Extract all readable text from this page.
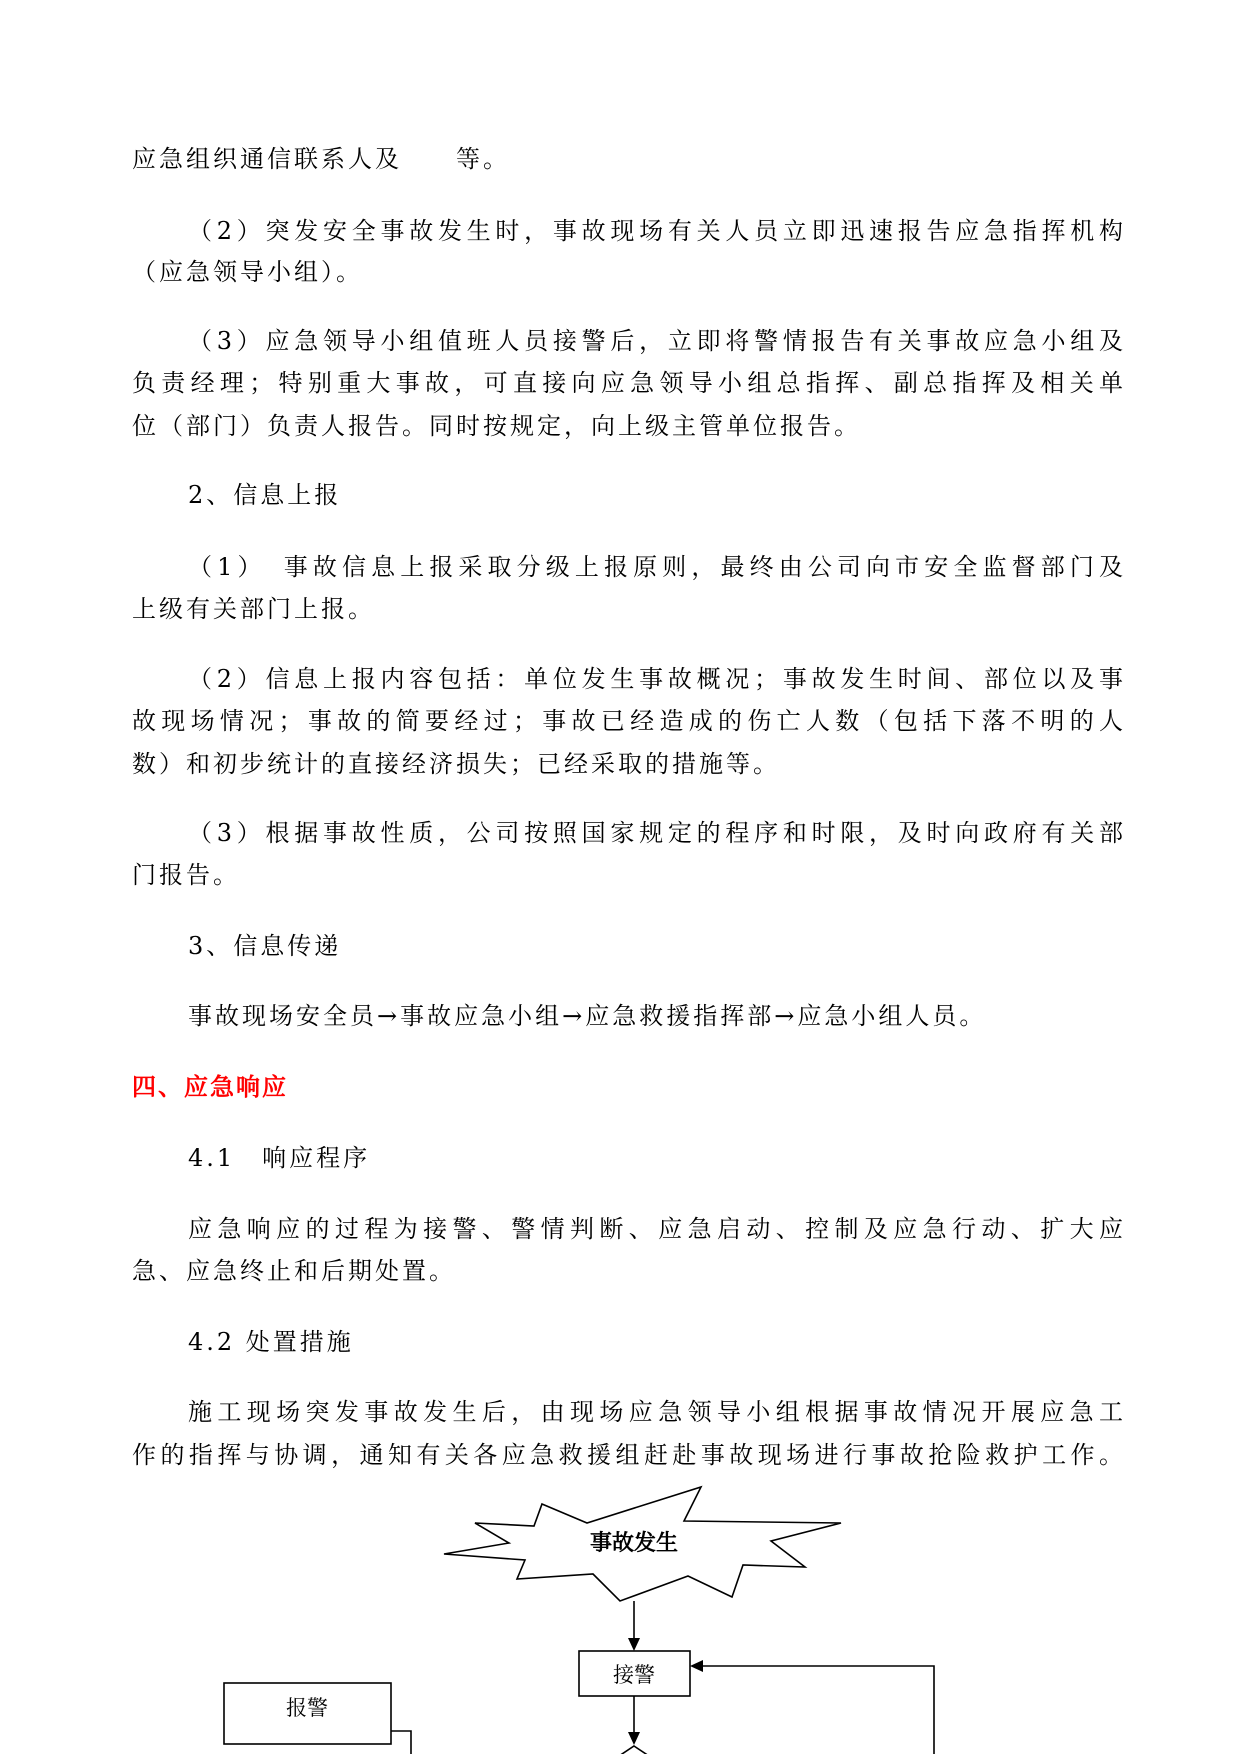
应急组织通信联系人及　　等。
（2）突发安全事故发生时，事故现场有关人员立即迅速报告应急指挥机构
（应急领导小组）。
（3）应急领导小组值班人员接警后，立即将警情报告有关事故应急小组及
负责经理；特别重大事故，可直接向应急领导小组总指挥、副总指挥及相关单
位（部门）负责人报告。同时按规定，向上级主管单位报告。
2、信息上报
（1）　事故信息上报采取分级上报原则，最终由公司向市安全监督部门及
上级有关部门上报。
（2）信息上报内容包括：单位发生事故概况；事故发生时间、部位以及事
故现场情况；事故的简要经过；事故已经造成的伤亡人数（包括下落不明的人
数）和初步统计的直接经济损失；已经采取的措施等。
（3）根据事故性质，公司按照国家规定的程序和时限，及时向政府有关部
门报告。
3、信息传递
事故现场安全员→事故应急小组→应急救援指挥部→应急小组人员。
四、应急响应
4.1　响应程序
应急响应的过程为接警、警情判断、应急启动、控制及应急行动、扩大应
急、应急终止和后期处置。
4.2 处置措施
施工现场突发事故发生后，由现场应急领导小组根据事故情况开展应急工
作的指挥与协调，通知有关各应急救援组赶赴事故现场进行事故抢险救护工作。
事故发生
接警
报警
